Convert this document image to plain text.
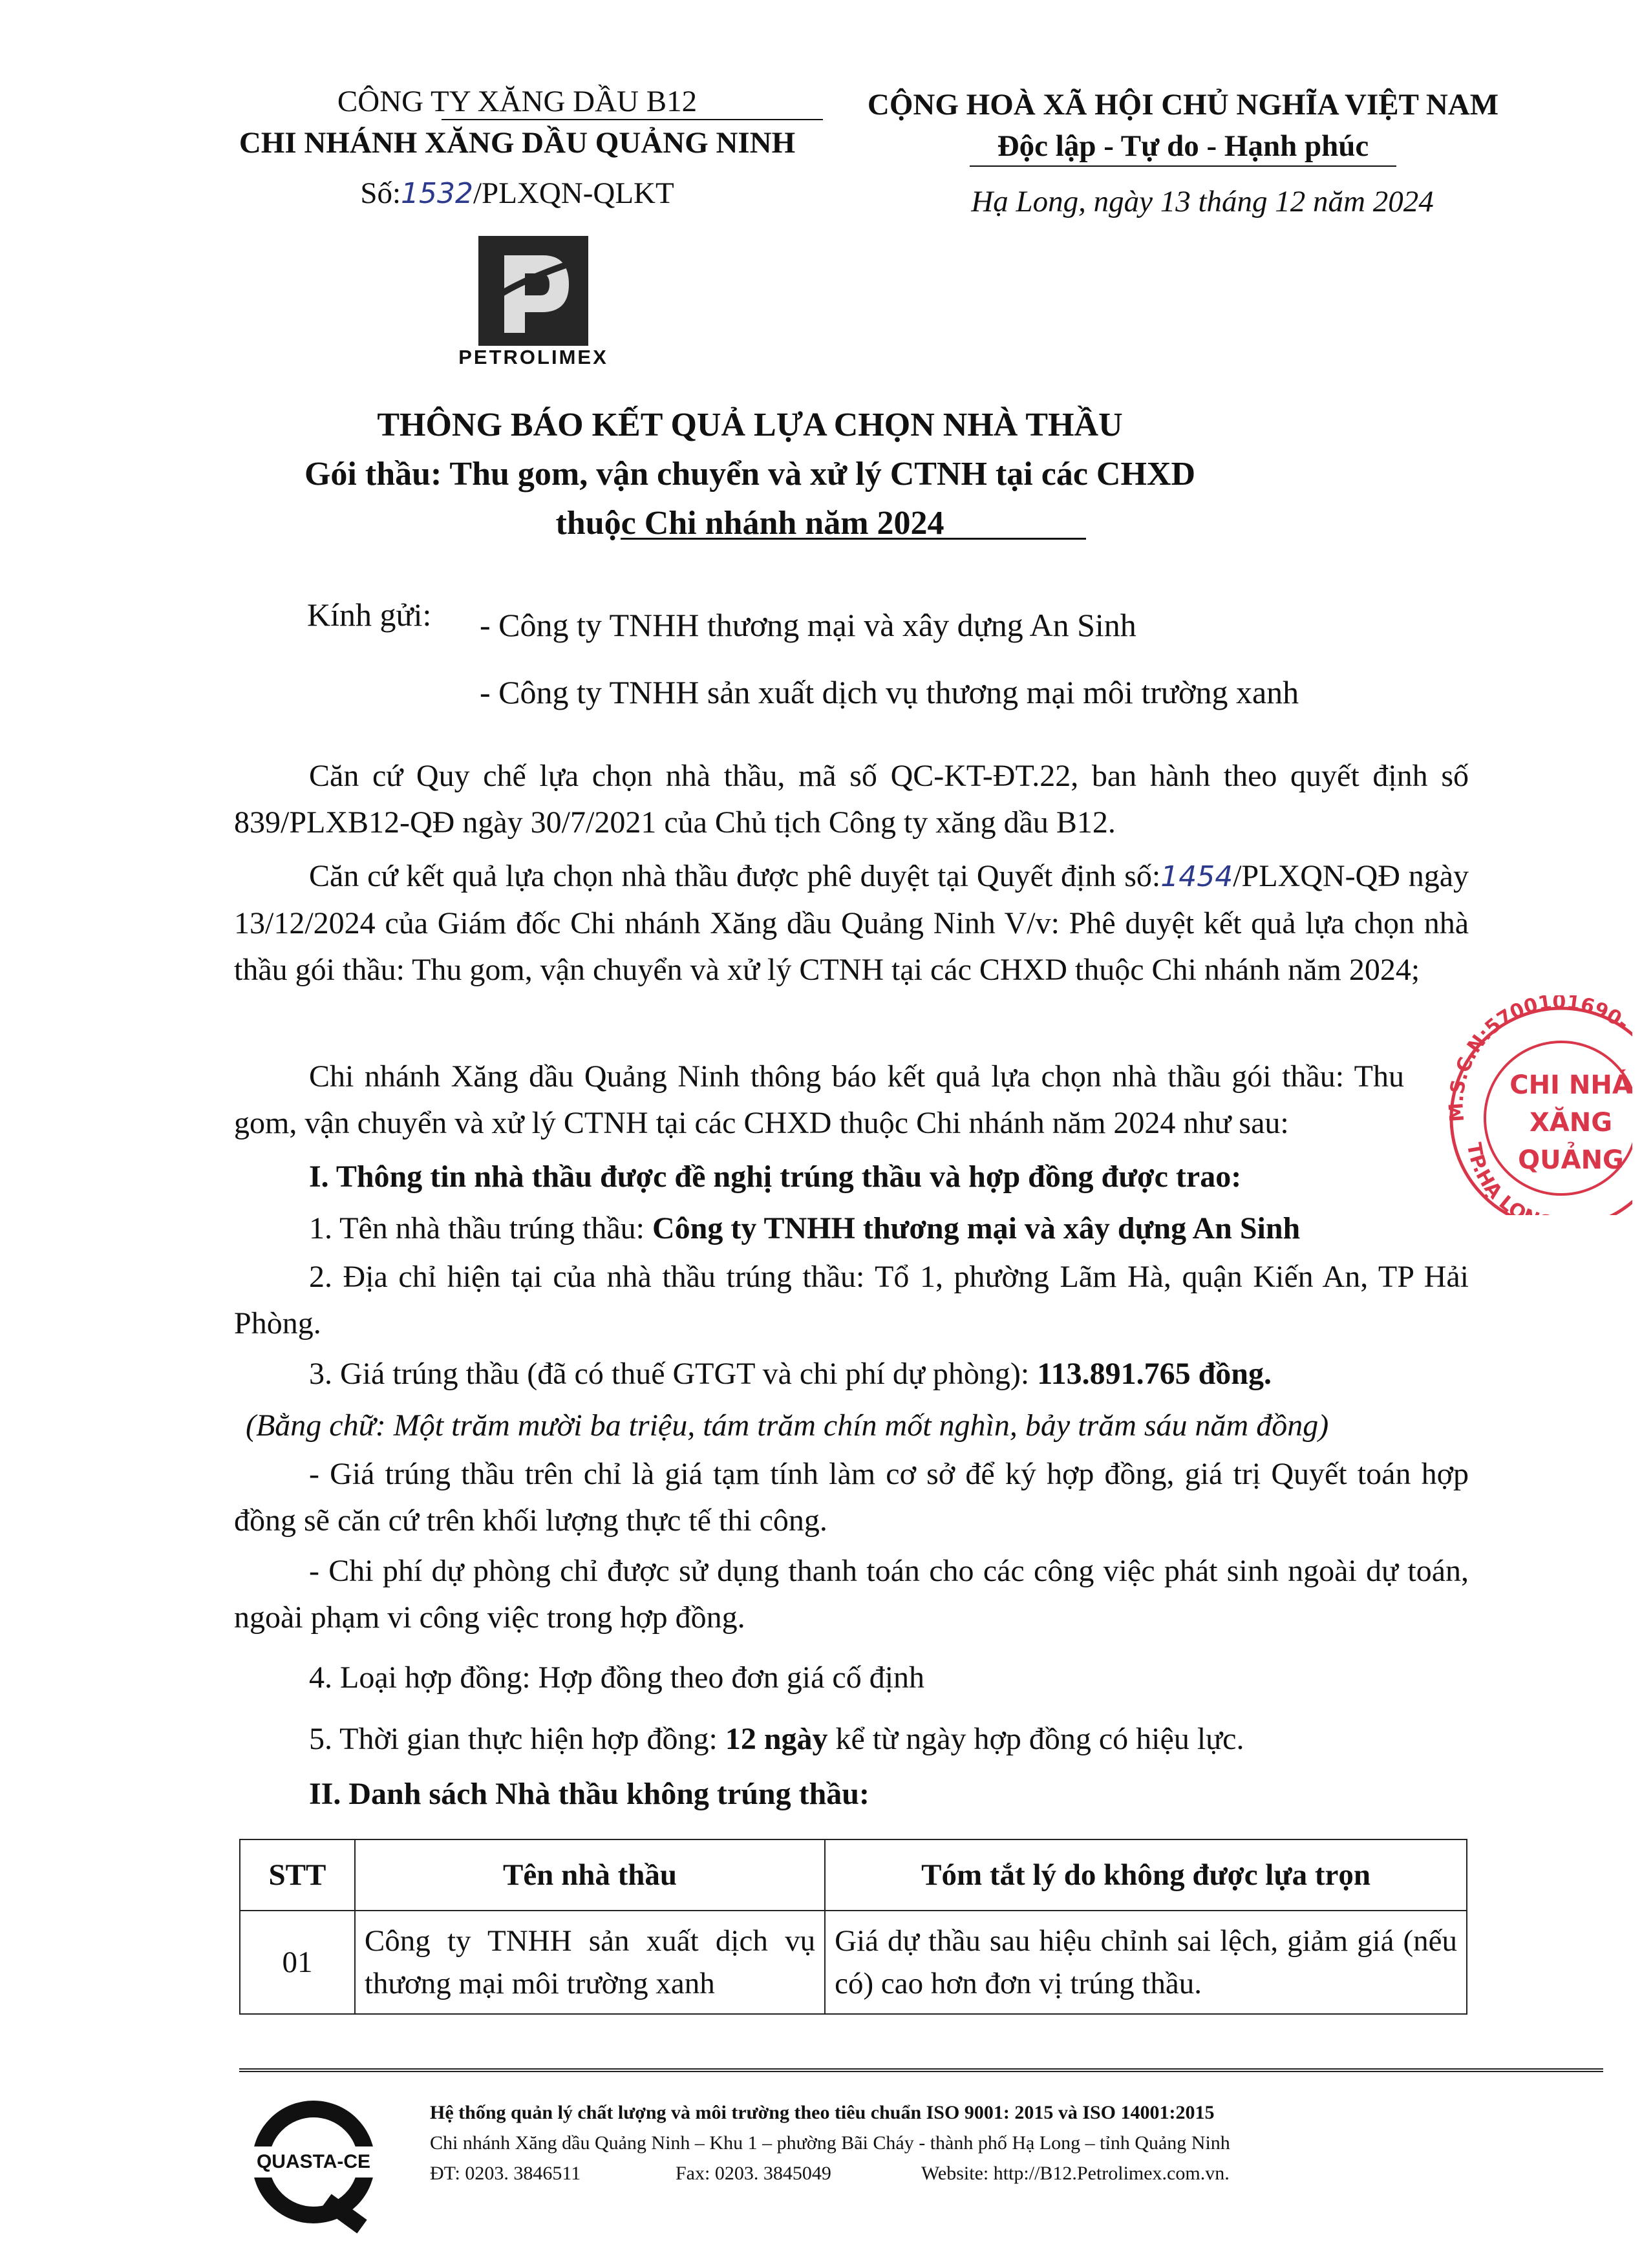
CÔNG TY XĂNG DẦU B12
CHI NHÁNH XĂNG DẦU QUẢNG NINH
Số:1532/PLXQN-QLKT
PETROLIMEX
CỘNG HOÀ XÃ HỘI CHỦ NGHĨA VIỆT NAM
Độc lập - Tự do - Hạnh phúc
Hạ Long, ngày 13 tháng 12 năm 2024
THÔNG BÁO KẾT QUẢ LỰA CHỌN NHÀ THẦU
Gói thầu: Thu gom, vận chuyển và xử lý CTNH tại các CHXD
thuộc Chi nhánh năm 2024
Kính gửi: - Công ty TNHH thương mại và xây dựng An Sinh
- Công ty TNHH sản xuất dịch vụ thương mại môi trường xanh
Căn cứ Quy chế lựa chọn nhà thầu, mã số QC-KT-ĐT.22, ban hành theo quyết định số 839/PLXB12-QĐ ngày 30/7/2021 của Chủ tịch Công ty xăng dầu B12.
Căn cứ kết quả lựa chọn nhà thầu được phê duyệt tại Quyết định số:1454/PLXQN-QĐ ngày 13/12/2024 của Giám đốc Chi nhánh Xăng dầu Quảng Ninh V/v: Phê duyệt kết quả lựa chọn nhà thầu gói thầu: Thu gom, vận chuyển và xử lý CTNH tại các CHXD thuộc Chi nhánh năm 2024;
Chi nhánh Xăng dầu Quảng Ninh thông báo kết quả lựa chọn nhà thầu gói thầu: Thu gom, vận chuyển và xử lý CTNH tại các CHXD thuộc Chi nhánh năm 2024 như sau:
I. Thông tin nhà thầu được đề nghị trúng thầu và hợp đồng được trao:
1. Tên nhà thầu trúng thầu: Công ty TNHH thương mại và xây dựng An Sinh
2. Địa chỉ hiện tại của nhà thầu trúng thầu: Tổ 1, phường Lãm Hà, quận Kiến An, TP Hải Phòng.
3. Giá trúng thầu (đã có thuế GTGT và chi phí dự phòng): 113.891.765 đồng.
(Bằng chữ: Một trăm mười ba triệu, tám trăm chín mốt nghìn, bảy trăm sáu năm đồng)
- Giá trúng thầu trên chỉ là giá tạm tính làm cơ sở để ký hợp đồng, giá trị Quyết toán hợp đồng sẽ căn cứ trên khối lượng thực tế thi công.
- Chi phí dự phòng chỉ được sử dụng thanh toán cho các công việc phát sinh ngoài dự toán, ngoài phạm vi công việc trong hợp đồng.
4. Loại hợp đồng: Hợp đồng theo đơn giá cố định
5. Thời gian thực hiện hợp đồng: 12 ngày kể từ ngày hợp đồng có hiệu lực.
II. Danh sách Nhà thầu không trúng thầu:
STT	Tên nhà thầu	Tóm tắt lý do không được lựa trọn
01	Công ty TNHH sản xuất dịch vụ thương mại môi trường xanh	Giá dự thầu sau hiệu chỉnh sai lệch, giảm giá (nếu có) cao hơn đơn vị trúng thầu.
M.S.C.N:5700101690-
TP.HẠ LO
CHI NHÁ
XĂNG
QUẢNG
QUASTA-CE
Hệ thống quản lý chất lượng và môi trường theo tiêu chuẩn ISO 9001: 2015 và ISO 14001:2015
Chi nhánh Xăng dầu Quảng Ninh – Khu 1 – phường Bãi Cháy - thành phố Hạ Long – tỉnh Quảng Ninh
ĐT: 0203. 3846511	Fax: 0203. 3845049	Website: http://B12.Petrolimex.com.vn.
